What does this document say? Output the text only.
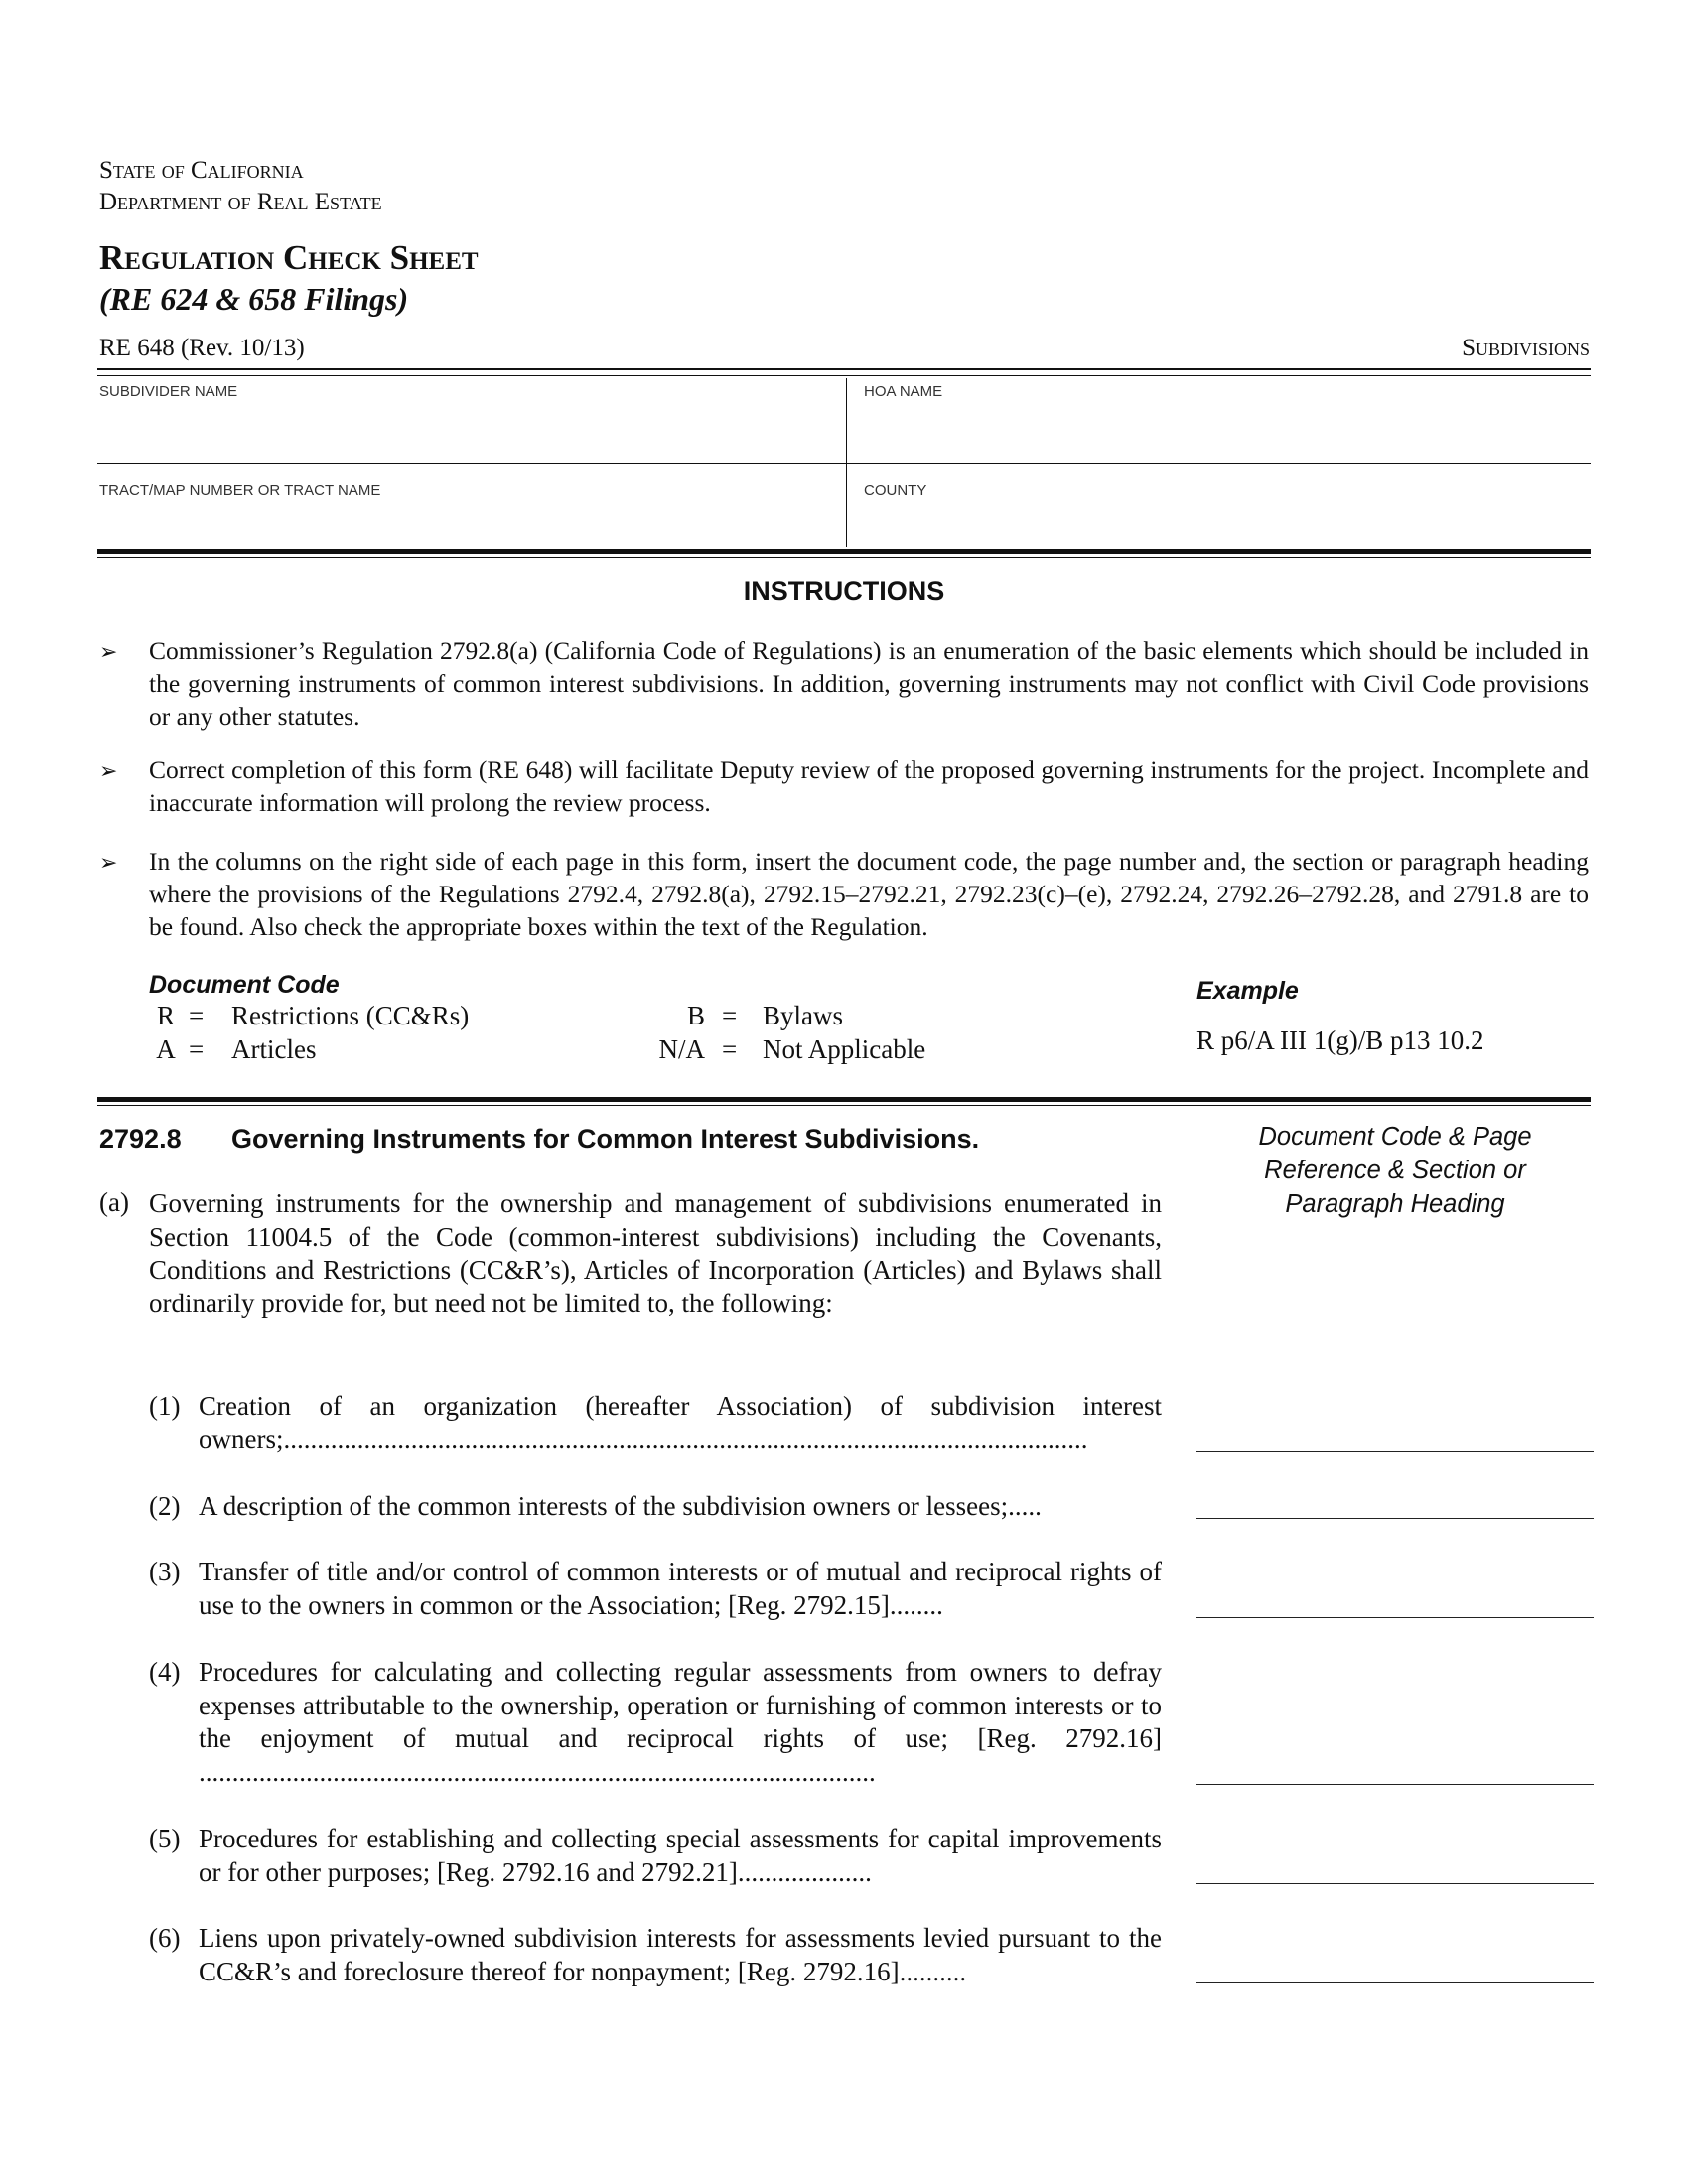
State of California
Department of Real Estate
Regulation Check Sheet
(RE 624 & 658 Filings)
RE 648 (Rev. 10/13)	Subdivisions
SUBDIVIDER NAME	HOA NAME
TRACT/MAP NUMBER OR TRACT NAME	COUNTY
INSTRUCTIONS
➢ Commissioner’s Regulation 2792.8(a) (California Code of Regulations) is an enumeration of the basic elements which should be included in the governing instruments of common interest subdivisions. In addition, governing instruments may not conflict with Civil Code provisions or any other statutes.
➢ Correct completion of this form (RE 648) will facilitate Deputy review of the proposed governing instruments for the project. Incomplete and inaccurate information will prolong the review process.
➢ In the columns on the right side of each page in this form, insert the document code, the page number and, the section or paragraph heading where the provisions of the Regulations 2792.4, 2792.8(a), 2792.15–2792.21, 2792.23(c)–(e), 2792.24, 2792.26–2792.28, and 2791.8 are to be found. Also check the appropriate boxes within the text of the Regulation.
Document Code
R = Restrictions (CC&Rs)
A = Articles
B = Bylaws
N/A = Not Applicable
Example
R p6/A III 1(g)/B p13 10.2
2792.8 Governing Instruments for Common Interest Subdivisions.	Document Code & Page
Reference & Section or
Paragraph Heading
(a) Governing instruments for the ownership and management of subdivisions enumerated in Section 11004.5 of the Code (common-interest subdivisions) including the Covenants, Conditions and Restrictions (CC&R’s), Articles of Incorporation (Articles) and Bylaws shall ordinarily provide for, but need not be limited to, the following:
(1) Creation of an organization (hereafter Association) of subdivision interest owners;........................................................................................................................
(2) A description of the common interests of the subdivision owners or lessees;.....
(3) Transfer of title and/or control of common interests or of mutual and reciprocal rights of use to the owners in common or the Association; [Reg. 2792.15]........
(4) Procedures for calculating and collecting regular assessments from owners to defray expenses attributable to the ownership, operation or furnishing of common interests or to the enjoyment of mutual and reciprocal rights of use; [Reg. 2792.16] .....................................................................................................
(5) Procedures for establishing and collecting special assessments for capital improvements or for other purposes; [Reg. 2792.16 and 2792.21]....................
(6) Liens upon privately-owned subdivision interests for assessments levied pursuant to the CC&R’s and foreclosure thereof for nonpayment; [Reg. 2792.16]..........
